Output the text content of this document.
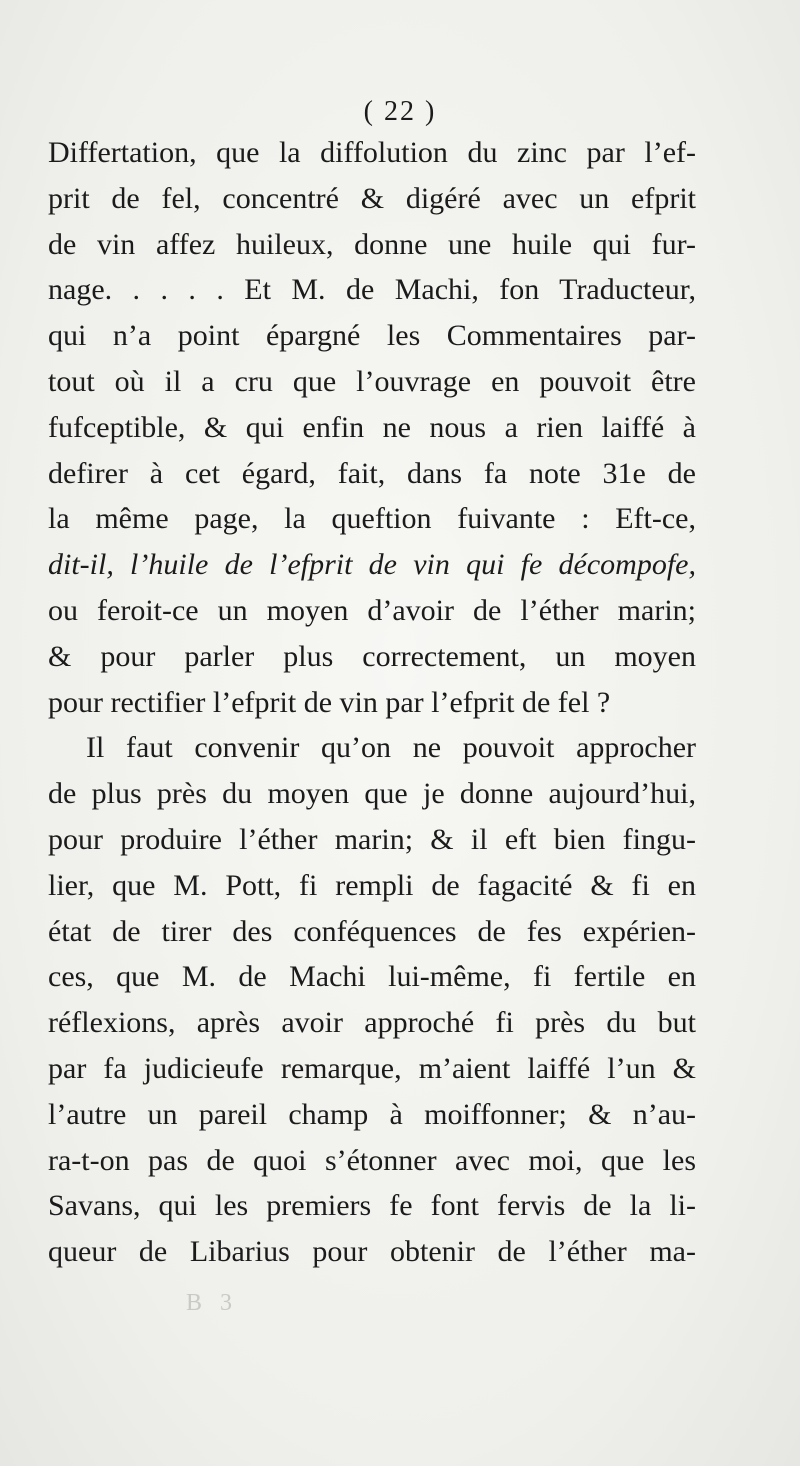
( 22 )
Differtation, que la diffolution du zinc par l’ef-
prit de fel, concentré & digéré avec un efprit
de vin affez huileux, donne une huile qui fur-
nage. . . . . Et M. de Machi, fon Traducteur,
qui n’a point épargné les Commentaires par-
tout où il a cru que l’ouvrage en pouvoit être
fufceptible, & qui enfin ne nous a rien laiffé à
defirer à cet égard, fait, dans fa note 31e de
la même page, la queftion fuivante : Eft-ce,
dit-il, l’huile de l’efprit de vin qui fe décompofe,
ou feroit-ce un moyen d’avoir de l’éther marin;
& pour parler plus correctement, un moyen
pour rectifier l’efprit de vin par l’efprit de fel ?
Il faut convenir qu’on ne pouvoit approcher
de plus près du moyen que je donne aujourd’hui,
pour produire l’éther marin; & il eft bien fingu-
lier, que M. Pott, fi rempli de fagacité & fi en
état de tirer des conféquences de fes expérien-
ces, que M. de Machi lui-même, fi fertile en
réflexions, après avoir approché fi près du but
par fa judicieufe remarque, m’aient laiffé l’un &
l’autre un pareil champ à moiffonner; & n’au-
ra-t-on pas de quoi s’étonner avec moi, que les
Savans, qui les premiers fe font fervis de la li-
queur de Libarius pour obtenir de l’éther ma-
B 3
